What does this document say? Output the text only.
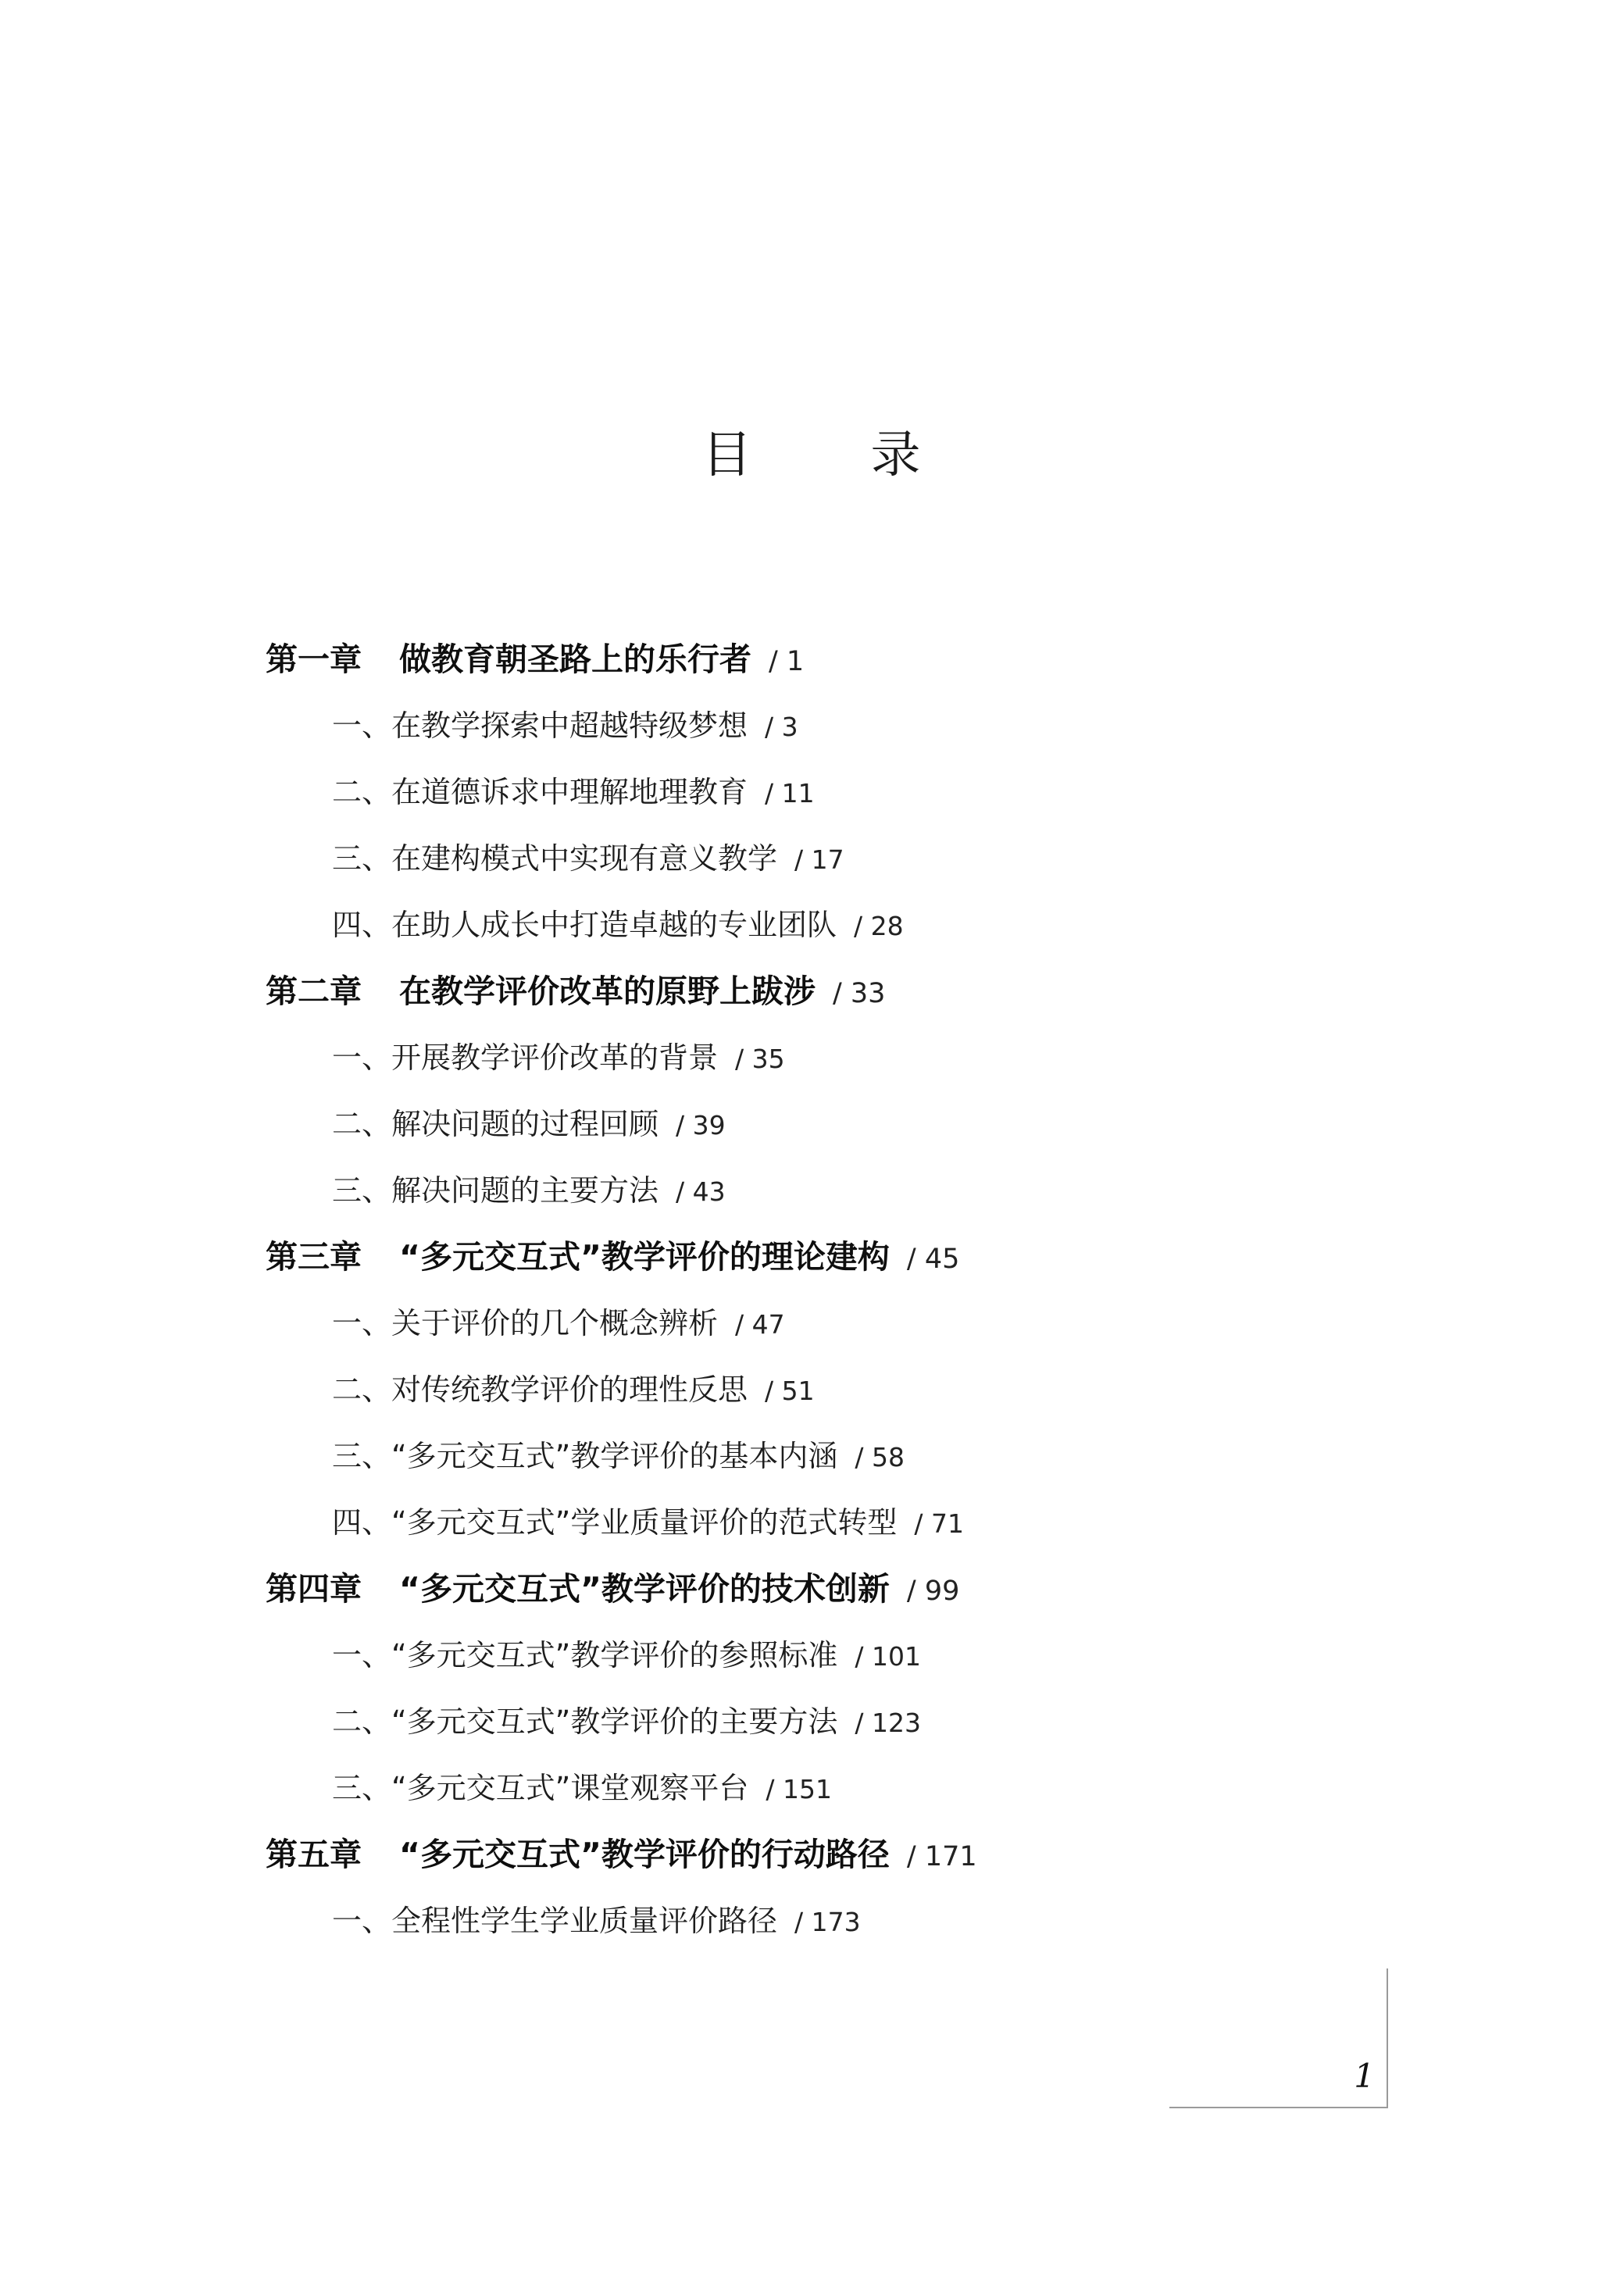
目 录
第一章 做教育朝圣路上的乐行者 / 1
一、在教学探索中超越特级梦想 / 3
二、在道德诉求中理解地理教育 / 11
三、在建构模式中实现有意义教学 / 17
四、在助人成长中打造卓越的专业团队 / 28
第二章 在教学评价改革的原野上跋涉 / 33
一、开展教学评价改革的背景 / 35
二、解决问题的过程回顾 / 39
三、解决问题的主要方法 / 43
第三章 “多元交互式”教学评价的理论建构 / 45
一、关于评价的几个概念辨析 / 47
二、对传统教学评价的理性反思 / 51
三、“多元交互式”教学评价的基本内涵 / 58
四、“多元交互式”学业质量评价的范式转型 / 71
第四章 “多元交互式”教学评价的技术创新 / 99
一、“多元交互式”教学评价的参照标准 / 101
二、“多元交互式”教学评价的主要方法 / 123
三、“多元交互式”课堂观察平台 / 151
第五章 “多元交互式”教学评价的行动路径 / 171
一、全程性学生学业质量评价路径 / 173
1
